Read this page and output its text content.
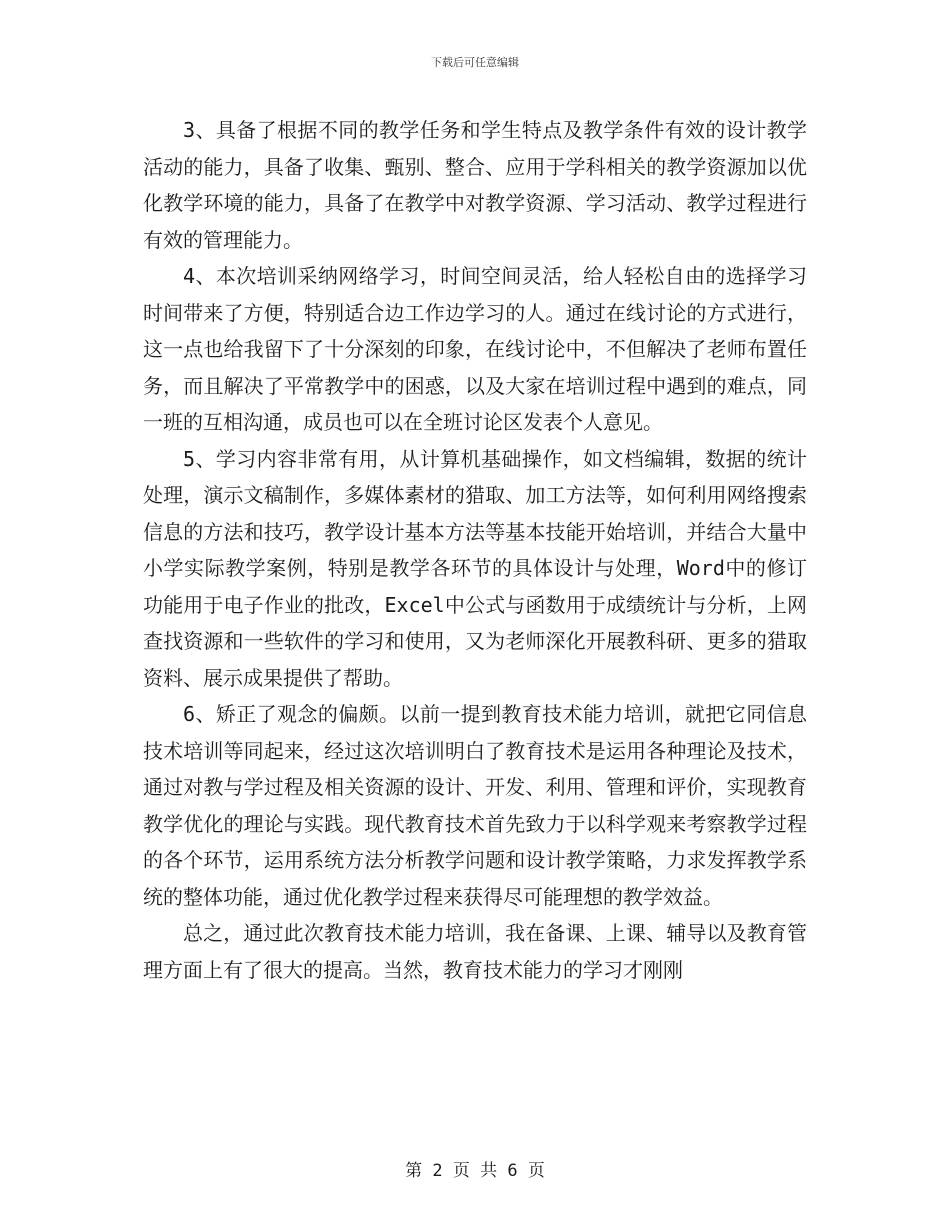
下载后可任意编辑

3、具备了根据不同的教学任务和学生特点及教学条件有效的设计教学活动的能力，具备了收集、甄别、整合、应用于学科相关的教学资源加以优化教学环境的能力，具备了在教学中对教学资源、学习活动、教学过程进行有效的管理能力。

4、本次培训采纳网络学习，时间空间灵活，给人轻松自由的选择学习时间带来了方便，特别适合边工作边学习的人。通过在线讨论的方式进行，这一点也给我留下了十分深刻的印象，在线讨论中，不但解决了老师布置任务，而且解决了平常教学中的困惑，以及大家在培训过程中遇到的难点，同一班的互相沟通，成员也可以在全班讨论区发表个人意见。

5、学习内容非常有用，从计算机基础操作，如文档编辑，数据的统计处理，演示文稿制作，多媒体素材的猎取、加工方法等，如何利用网络搜索信息的方法和技巧，教学设计基本方法等基本技能开始培训，并结合大量中小学实际教学案例，特别是教学各环节的具体设计与处理，Word中的修订功能用于电子作业的批改，Excel中公式与函数用于成绩统计与分析，上网查找资源和一些软件的学习和使用，又为老师深化开展教科研、更多的猎取资料、展示成果提供了帮助。

6、矫正了观念的偏颇。以前一提到教育技术能力培训，就把它同信息技术培训等同起来，经过这次培训明白了教育技术是运用各种理论及技术，通过对教与学过程及相关资源的设计、开发、利用、管理和评价，实现教育教学优化的理论与实践。现代教育技术首先致力于以科学观来考察教学过程的各个环节，运用系统方法分析教学问题和设计教学策略，力求发挥教学系统的整体功能，通过优化教学过程来获得尽可能理想的教学效益。

总之，通过此次教育技术能力培训，我在备课、上课、辅导以及教育管理方面上有了很大的提高。当然，教育技术能力的学习才刚刚

第 2 页 共 6 页
